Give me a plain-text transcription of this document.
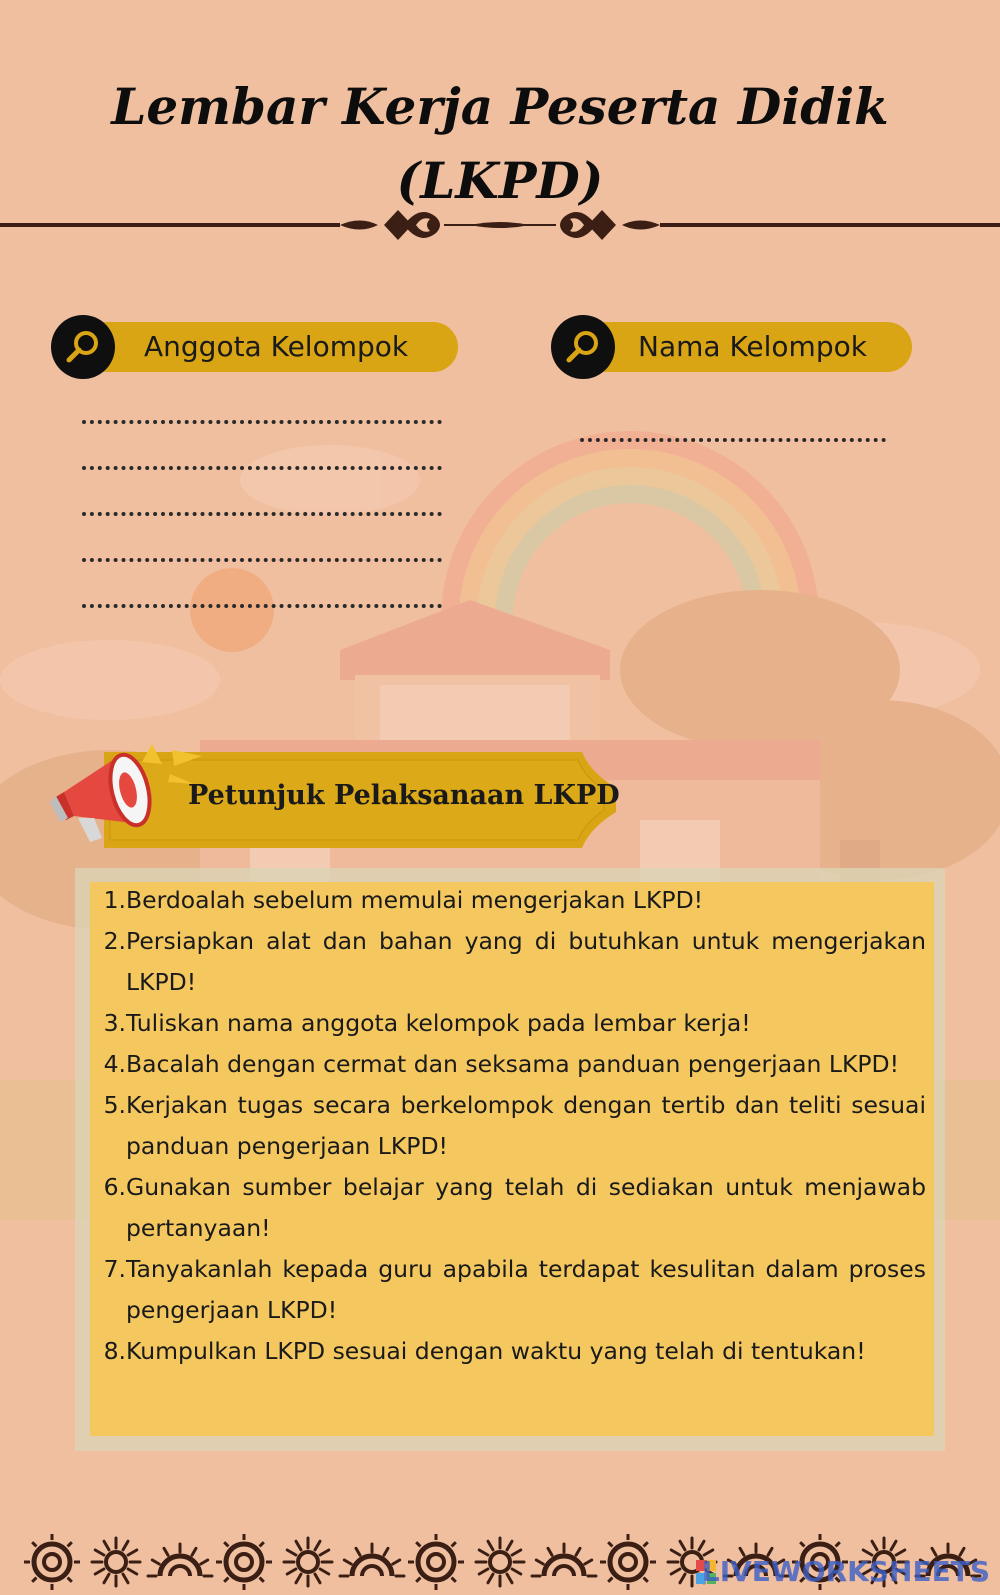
Lembar Kerja Peserta Didik
(LKPD)
Anggota Kelompok	Nama Kelompok
Petunjuk Pelaksanaan LKPD
1. Berdoalah sebelum memulai mengerjakan LKPD!
2. Persiapkan alat dan bahan yang di butuhkan untuk mengerjakan LKPD!
3. Tuliskan nama anggota kelompok pada lembar kerja!
4. Bacalah dengan cermat dan seksama panduan pengerjaan LKPD!
5. Kerjakan tugas secara berkelompok dengan tertib dan teliti sesuai panduan pengerjaan LKPD!
6. Gunakan sumber belajar yang telah di sediakan untuk menjawab pertanyaan!
7. Tanyakanlah kepada guru apabila terdapat kesulitan dalam proses pengerjaan LKPD!
8. Kumpulkan LKPD sesuai dengan waktu yang telah di tentukan!
LIVEWORKSHEETS
